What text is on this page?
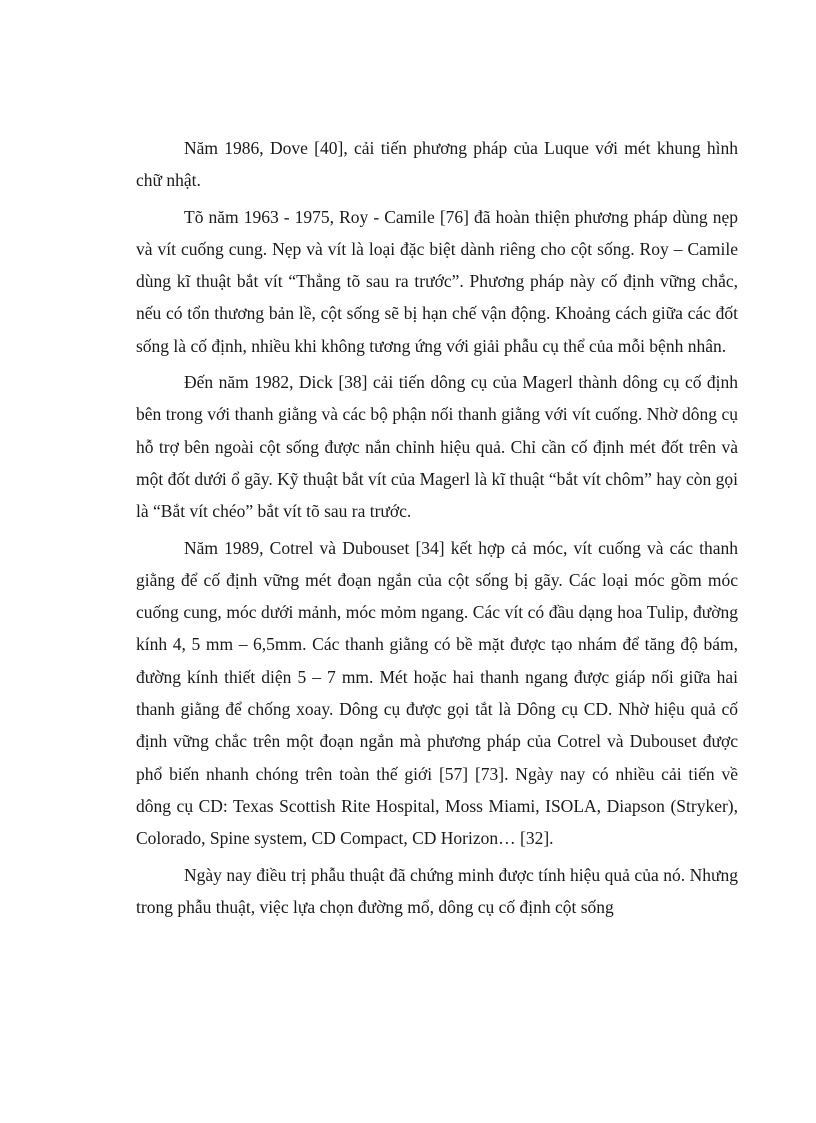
Năm 1986, Dove [40], cải tiến phương pháp của Luque với mét khung hình chữ nhật.

Tõ năm 1963 - 1975, Roy - Camile [76] đã hoàn thiện phương pháp dùng nẹp và vít cuống cung. Nẹp và vít là loại đặc biệt dành riêng cho cột sống. Roy – Camile dùng kĩ thuật bắt vít “Thẳng tõ sau ra trước”. Phương pháp này cố định vững chắc, nếu có tổn thương bản lề, cột sống sẽ bị hạn chế vận động. Khoảng cách giữa các đốt sống là cố định, nhiều khi không tương ứng với giải phẫu cụ thể của mỗi bệnh nhân.

Đến năm 1982, Dick [38] cải tiến dông cụ của Magerl thành dông cụ cố định bên trong với thanh giằng và các bộ phận nối thanh giằng với vít cuống. Nhờ dông cụ hỗ trợ bên ngoài cột sống được nắn chỉnh hiệu quả. Chỉ cần cố định mét đốt trên và một đốt dưới ổ gãy. Kỹ thuật bắt vít của Magerl là kĩ thuật “bắt vít chôm” hay còn gọi là “Bắt vít chéo” bắt vít tõ sau ra trước.

Năm 1989, Cotrel và Dubouset [34] kết hợp cả móc, vít cuống và các thanh giằng để cố định vững mét đoạn ngắn của cột sống bị gãy. Các loại móc gồm móc cuống cung, móc dưới mảnh, móc mỏm ngang. Các vít có đầu dạng hoa Tulip, đường kính 4, 5 mm – 6,5mm. Các thanh giằng có bề mặt được tạo nhám để tăng độ bám, đường kính thiết diện 5 – 7 mm. Mét hoặc hai thanh ngang được giáp nối giữa hai thanh giằng để chống xoay. Dông cụ được gọi tắt là Dông cụ CD. Nhờ hiệu quả cố định vững chắc trên một đoạn ngắn mà phương pháp của Cotrel và Dubouset được phổ biến nhanh chóng trên toàn thế giới [57] [73]. Ngày nay có nhiều cải tiến về dông cụ CD: Texas Scottish Rite Hospital, Moss Miami, ISOLA, Diapson (Stryker), Colorado, Spine system, CD Compact, CD Horizon… [32].

Ngày nay điều trị phẫu thuật đã chứng minh được tính hiệu quả của nó. Nhưng trong phẫu thuật, việc lựa chọn đường mổ, dông cụ cố định cột sống
